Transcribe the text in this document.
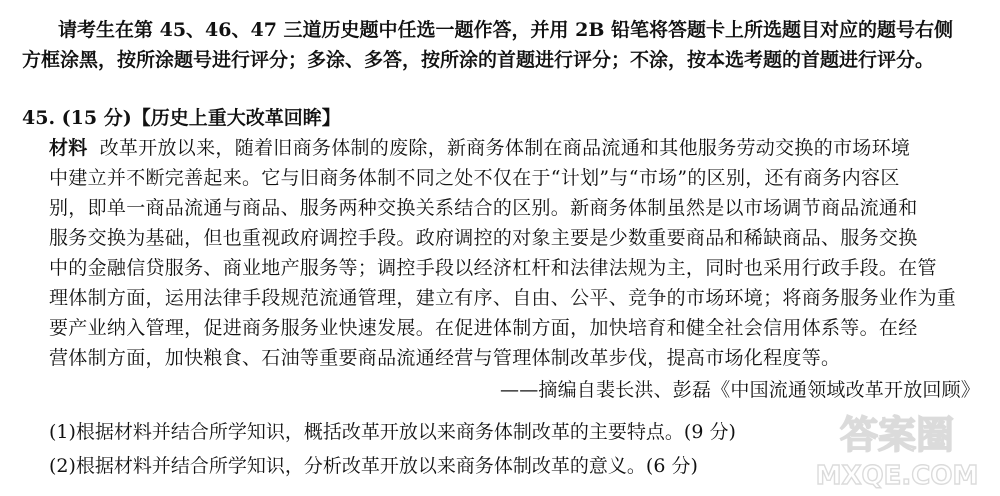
请考生在第 45、46、47 三道历史题中任选一题作答，并用 2B 铅笔将答题卡上所选题目对应的题号右侧
方框涂黑，按所涂题号进行评分；多涂、多答，按所涂的首题进行评分；不涂，按本选考题的首题进行评分。
45. (15 分)【历史上重大改革回眸】
材料 改革开放以来，随着旧商务体制的废除，新商务体制在商品流通和其他服务劳动交换的市场环境
中建立并不断完善起来。它与旧商务体制不同之处不仅在于“计划”与“市场”的区别，还有商务内容区
别，即单一商品流通与商品、服务两种交换关系结合的区别。新商务体制虽然是以市场调节商品流通和
服务交换为基础，但也重视政府调控手段。政府调控的对象主要是少数重要商品和稀缺商品、服务交换
中的金融信贷服务、商业地产服务等；调控手段以经济杠杆和法律法规为主，同时也采用行政手段。在管
理体制方面，运用法律手段规范流通管理，建立有序、自由、公平、竞争的市场环境；将商务服务业作为重
要产业纳入管理，促进商务服务业快速发展。在促进体制方面，加快培育和健全社会信用体系等。在经
营体制方面，加快粮食、石油等重要商品流通经营与管理体制改革步伐，提高市场化程度等。
——摘编自裴长洪、彭磊《中国流通领域改革开放回顾》
(1)根据材料并结合所学知识，概括改革开放以来商务体制改革的主要特点。(9 分)
(2)根据材料并结合所学知识，分析改革开放以来商务体制改革的意义。(6 分)
答案圈
MXQE.COM
